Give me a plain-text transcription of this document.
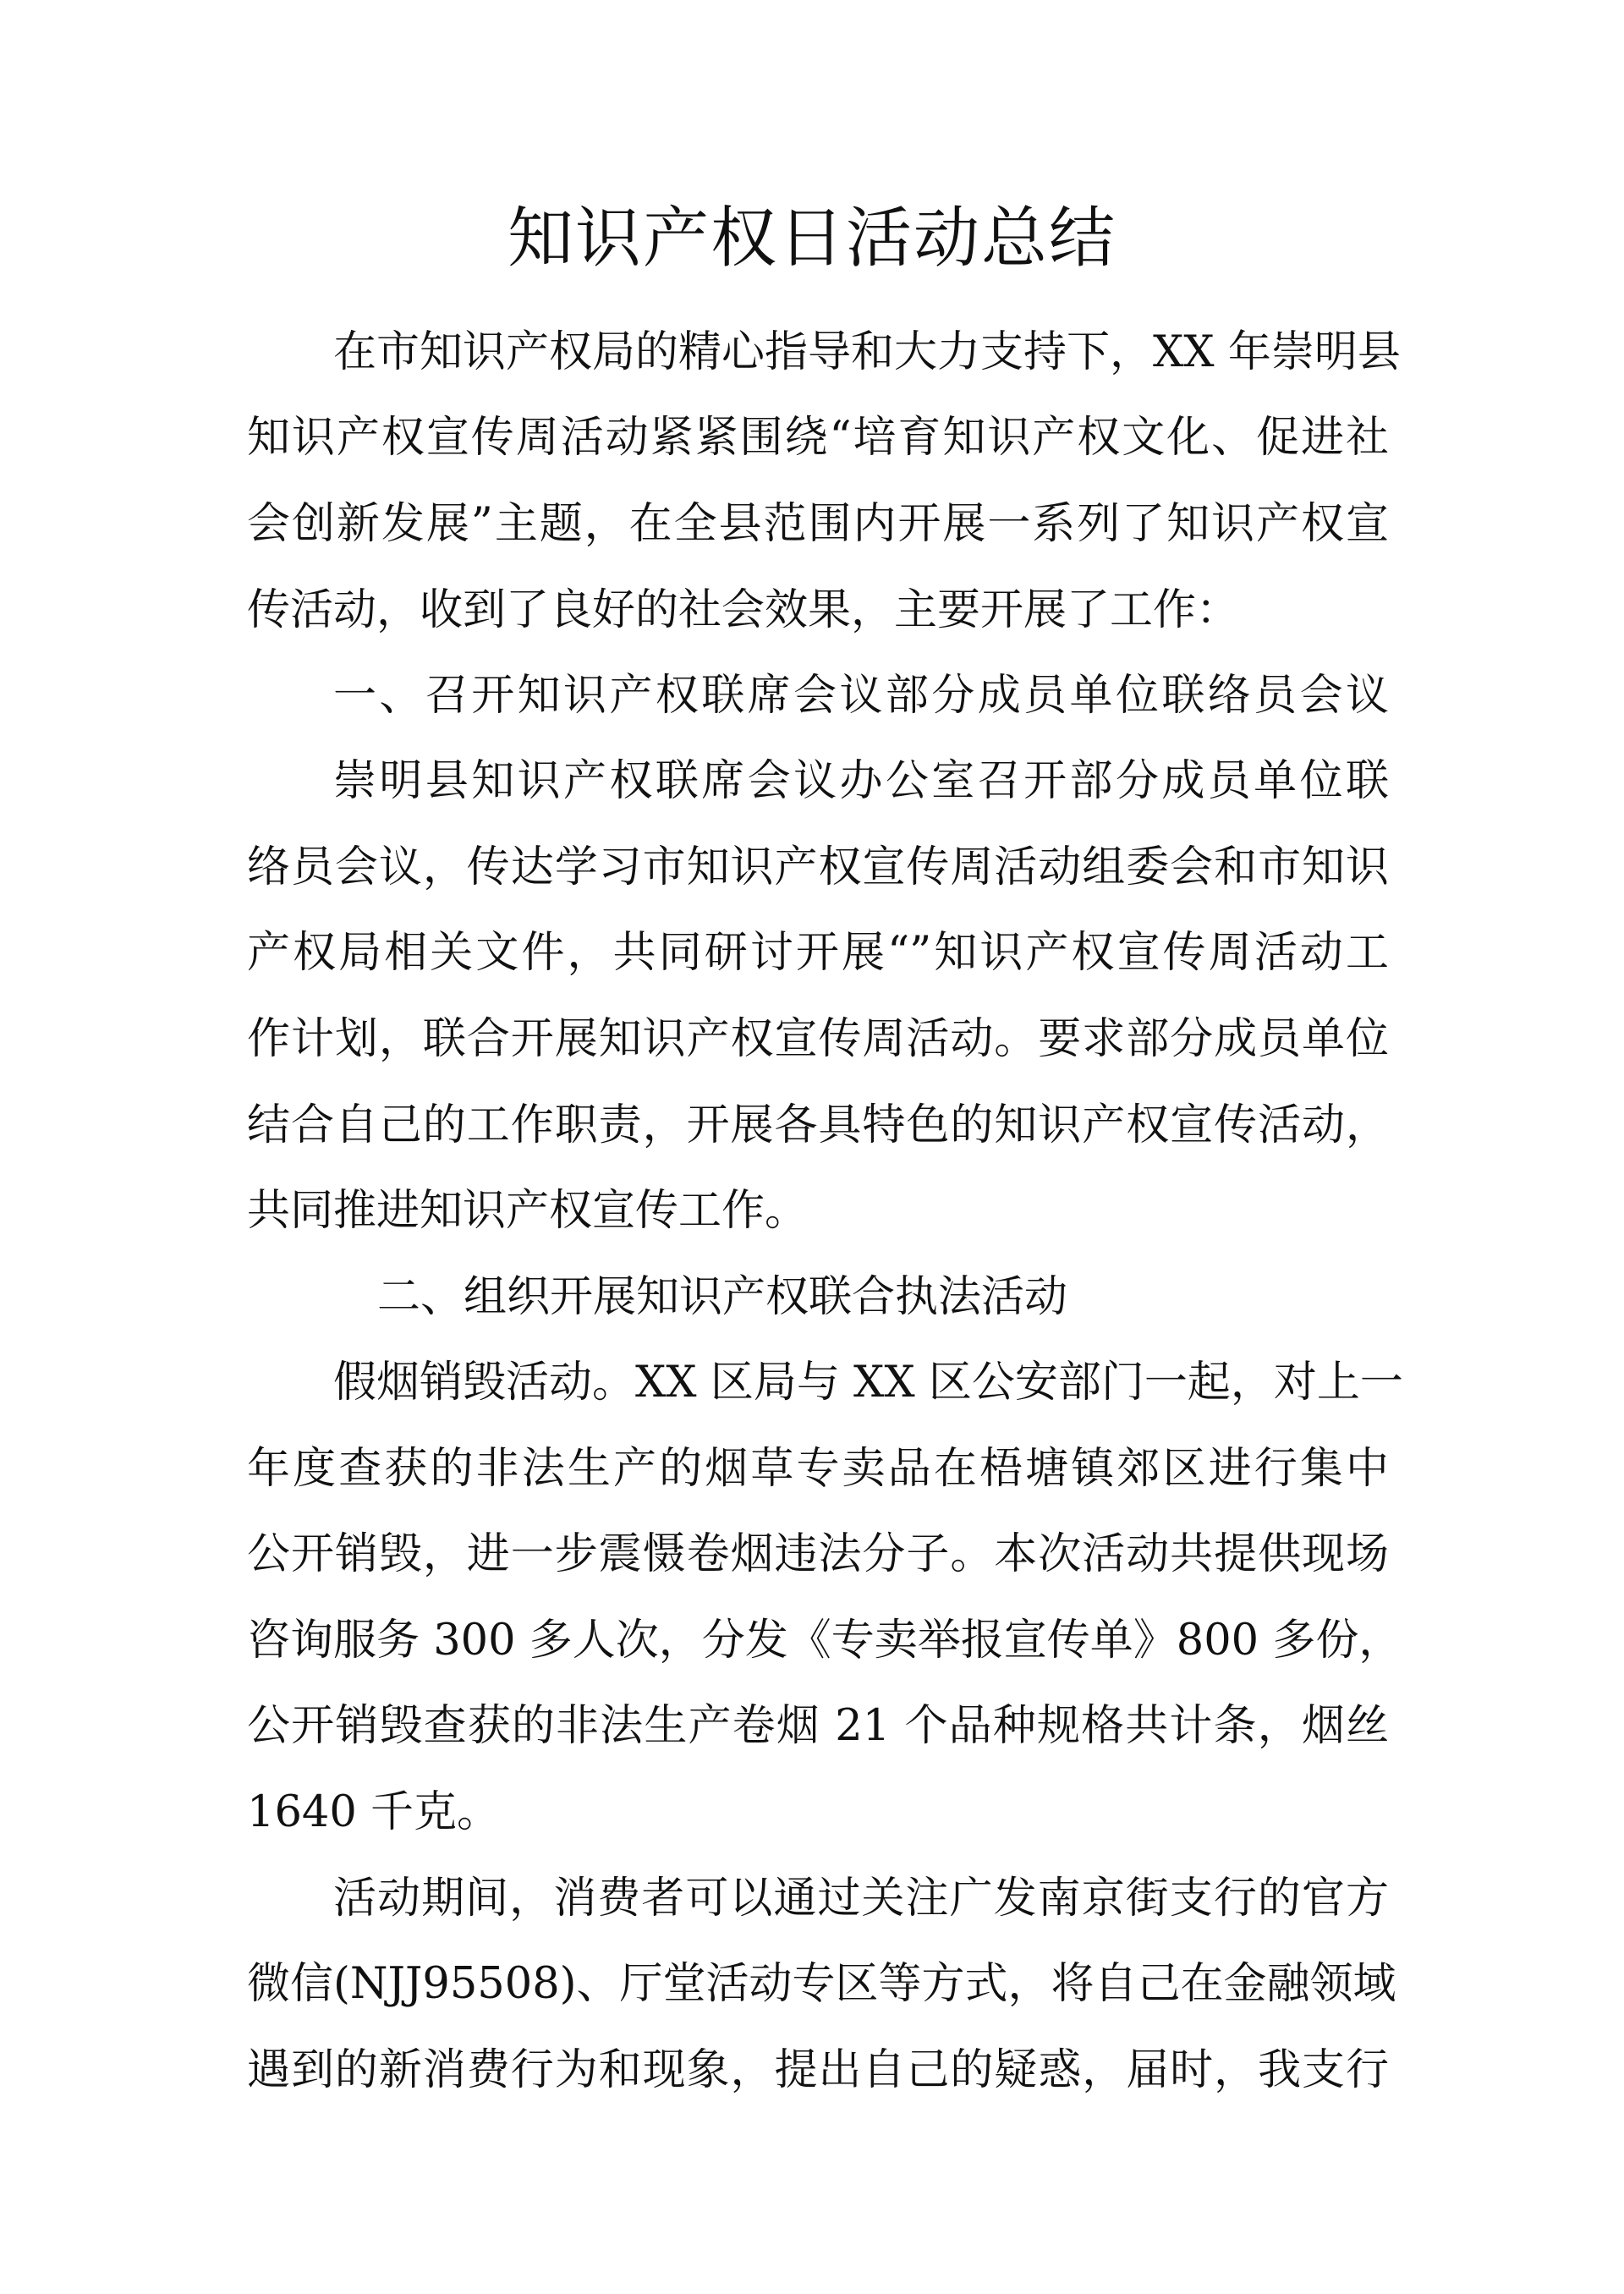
知识产权日活动总结

在市知识产权局的精心指导和大力支持下，XX 年崇明县

知识产权宣传周活动紧紧围绕“培育知识产权文化、促进社

会创新发展”主题，在全县范围内开展一系列了知识产权宣

传活动，收到了良好的社会效果，主要开展了工作：

一、召开知识产权联席会议部分成员单位联络员会议

崇明县知识产权联席会议办公室召开部分成员单位联

络员会议，传达学习市知识产权宣传周活动组委会和市知识

产权局相关文件，共同研讨开展“”知识产权宣传周活动工

作计划，联合开展知识产权宣传周活动。要求部分成员单位

结合自己的工作职责，开展各具特色的知识产权宣传活动，

共同推进知识产权宣传工作。

二、组织开展知识产权联合执法活动

假烟销毁活动。XX 区局与 XX 区公安部门一起，对上一

年度查获的非法生产的烟草专卖品在梧塘镇郊区进行集中

公开销毁，进一步震慑卷烟违法分子。本次活动共提供现场

咨询服务 300 多人次，分发《专卖举报宣传单》800 多份，

公开销毁查获的非法生产卷烟 21 个品种规格共计条，烟丝

1640 千克。

活动期间，消费者可以通过关注广发南京街支行的官方

微信(NJJ95508)、厅堂活动专区等方式，将自己在金融领域

遇到的新消费行为和现象，提出自己的疑惑，届时，我支行
